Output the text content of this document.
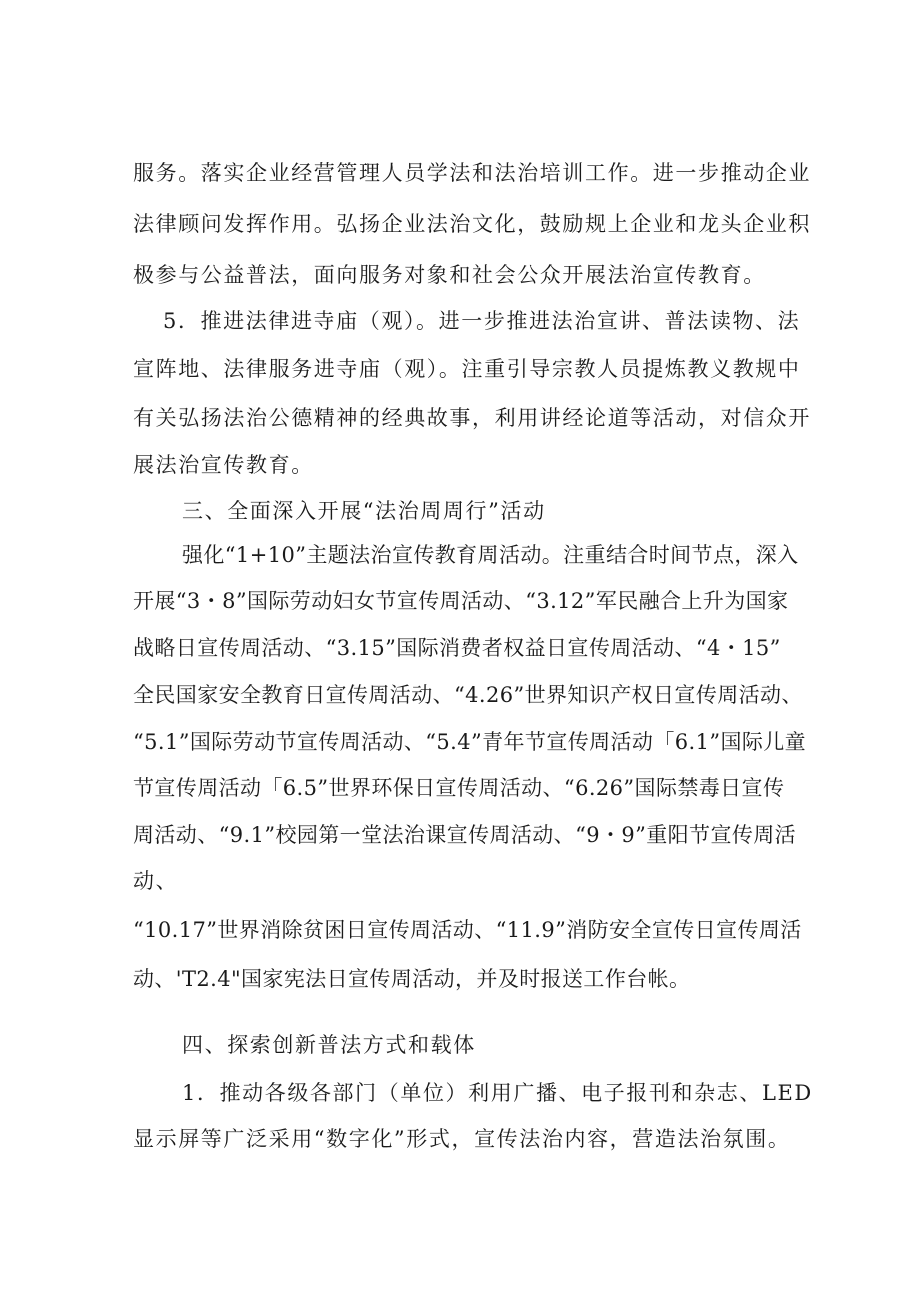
服务。落实企业经营管理人员学法和法治培训工作。进一步推动企业
法律顾问发挥作用。弘扬企业法治文化，鼓励规上企业和龙头企业积
极参与公益普法，面向服务对象和社会公众开展法治宣传教育。
5．推进法律进寺庙（观）。进一步推进法治宣讲、普法读物、法
宣阵地、法律服务进寺庙（观）。注重引导宗教人员提炼教义教规中
有关弘扬法治公德精神的经典故事，利用讲经论道等活动，对信众开
展法治宣传教育。
三、全面深入开展“法治周周行”活动
强化“1+10”主题法治宣传教育周活动。注重结合时间节点，深入
开展“3・8”国际劳动妇女节宣传周活动、“3.12”军民融合上升为国家
战略日宣传周活动、“3.15”国际消费者权益日宣传周活动、“4・15”
全民国家安全教育日宣传周活动、“4.26”世界知识产权日宣传周活动、
“5.1”国际劳动节宣传周活动、“5.4”青年节宣传周活动「6.1”国际儿童
节宣传周活动「6.5”世界环保日宣传周活动、“6.26”国际禁毒日宣传
周活动、“9.1”校园第一堂法治课宣传周活动、“9・9”重阳节宣传周活
动、
“10.17”世界消除贫困日宣传周活动、“11.9”消防安全宣传日宣传周活
动、'T2.4"国家宪法日宣传周活动，并及时报送工作台帐。
四、探索创新普法方式和载体
1．推动各级各部门（单位）利用广播、电子报刊和杂志、LED
显示屏等广泛采用“数字化”形式，宣传法治内容，营造法治氛围。
